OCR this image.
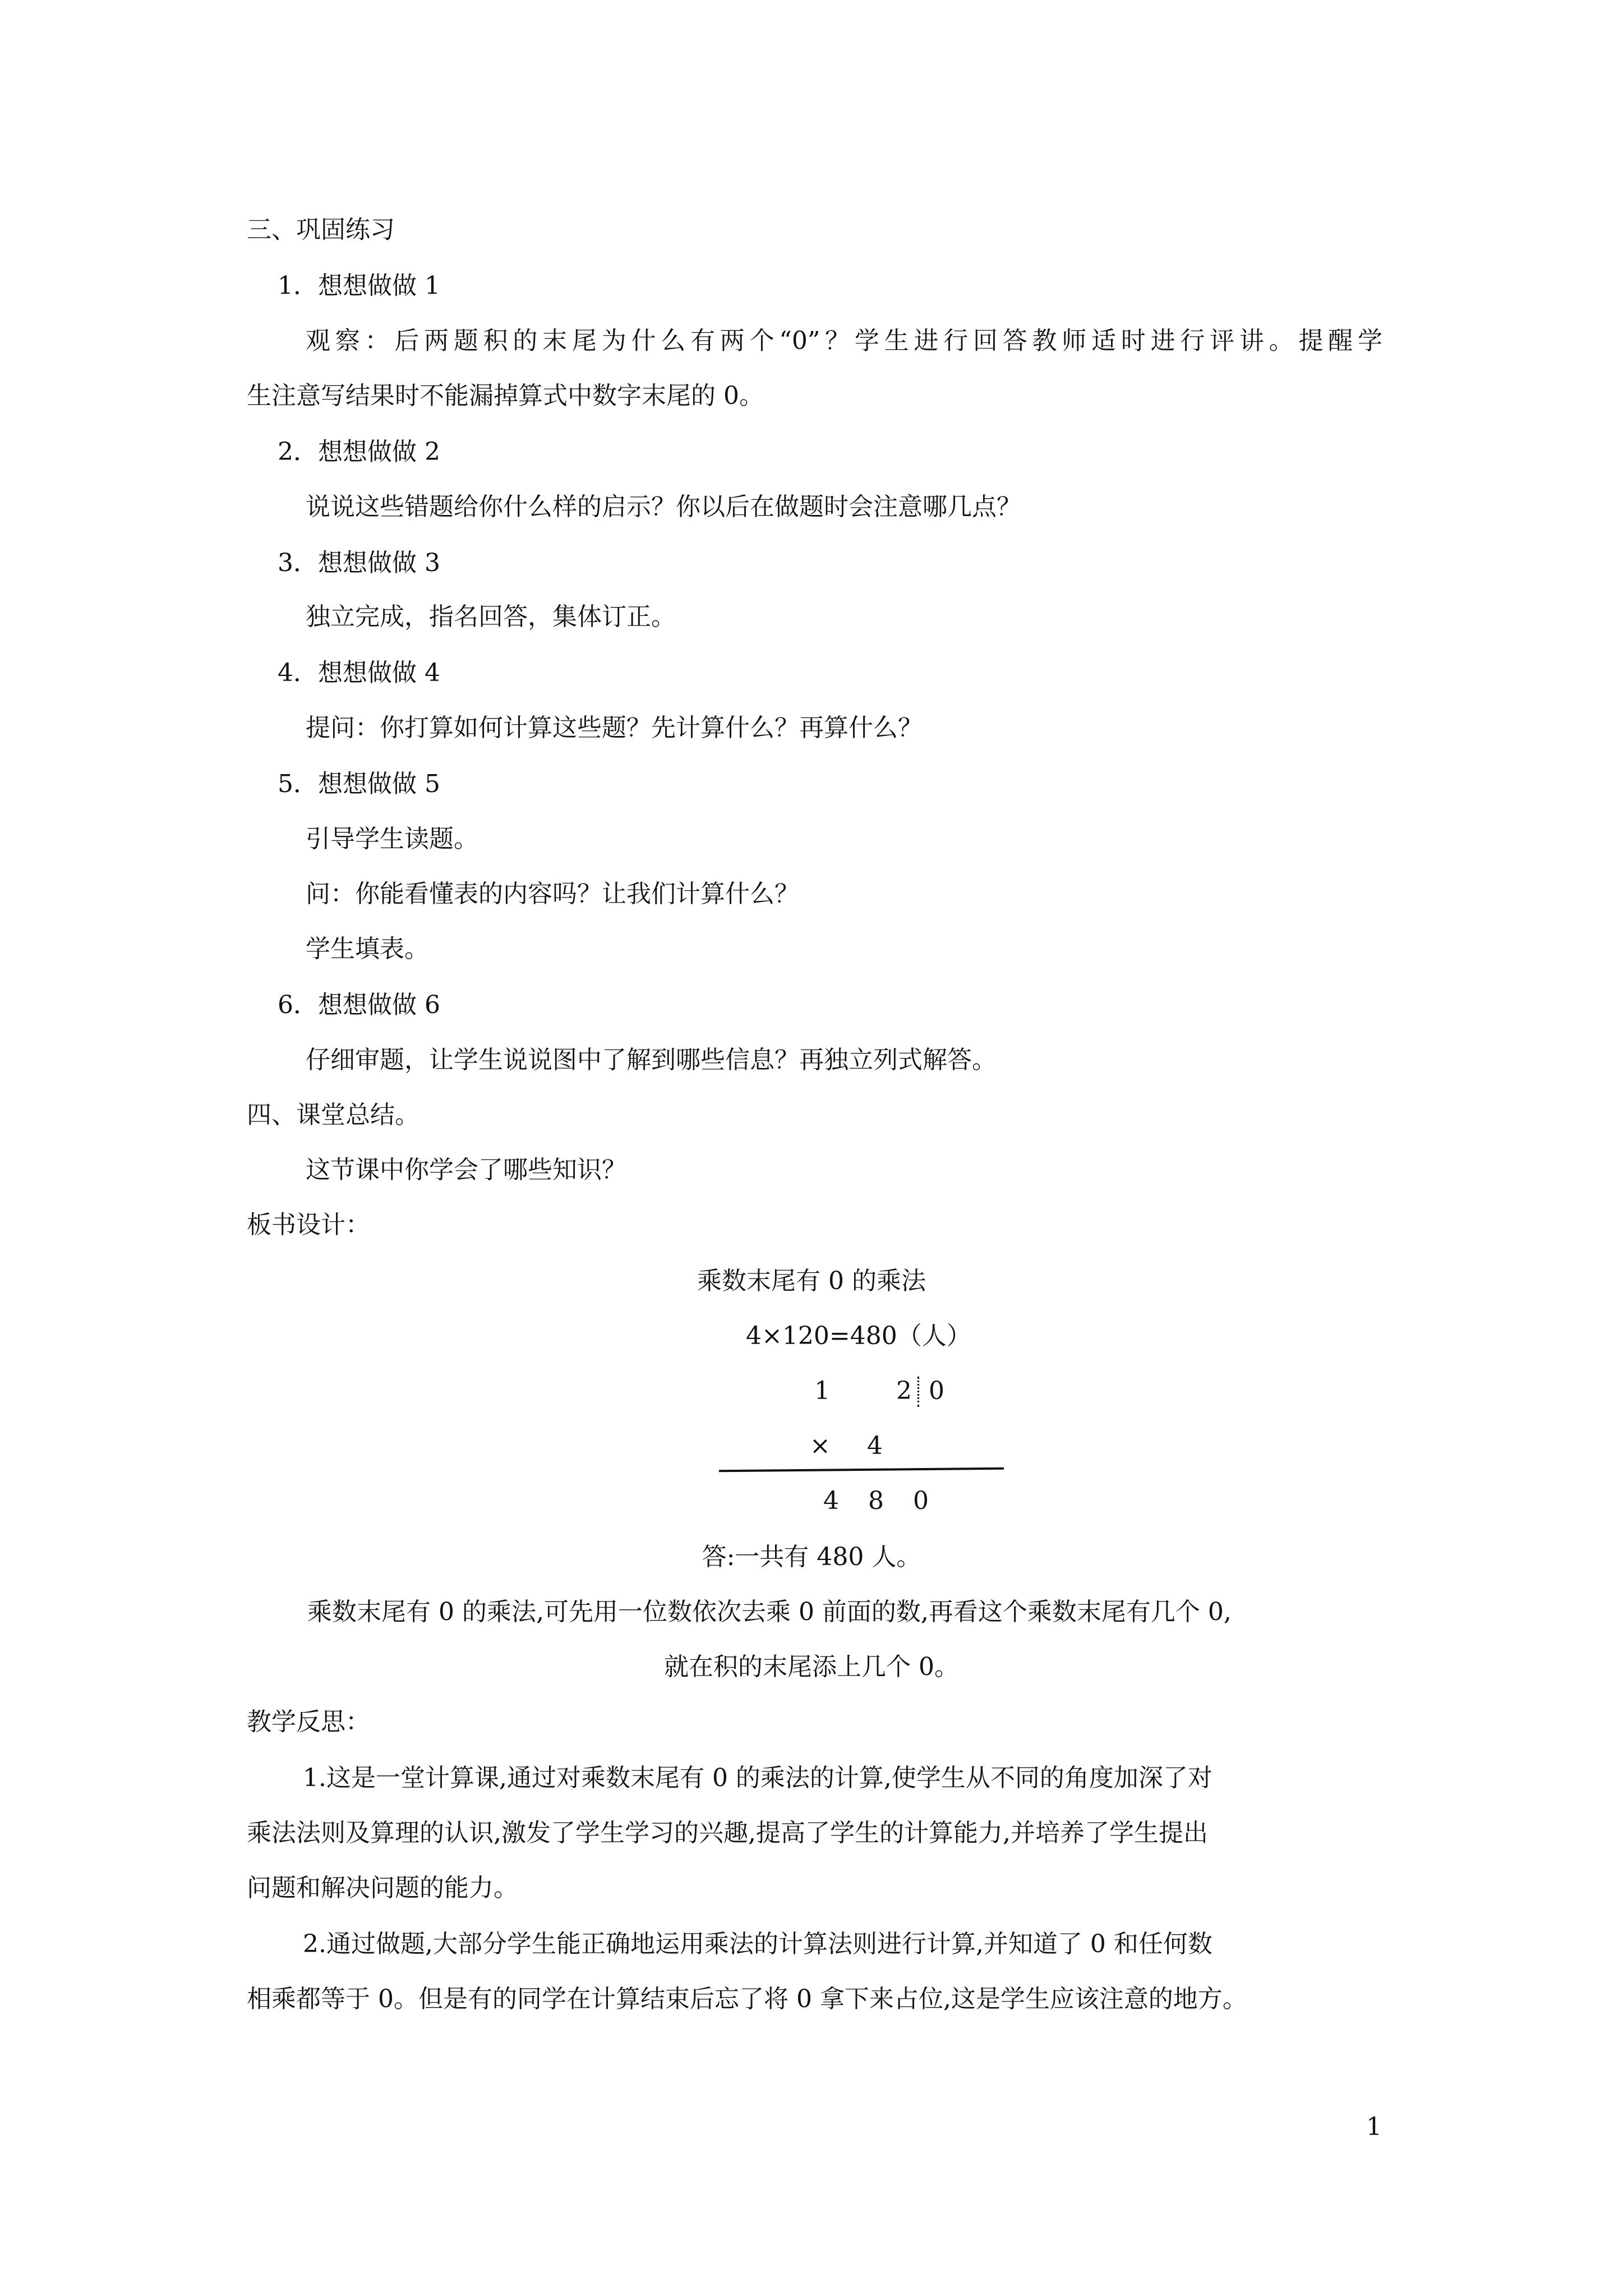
三、巩固练习
1．想想做做 1
观察：后两题积的末尾为什么有两个“0”？学生进行回答教师适时进行评讲。提醒学
生注意写结果时不能漏掉算式中数字末尾的 0。
2．想想做做 2
说说这些错题给你什么样的启示？你以后在做题时会注意哪几点？
3．想想做做 3
独立完成，指名回答，集体订正。
4．想想做做 4
提问：你打算如何计算这些题？先计算什么？再算什么？
5．想想做做 5
引导学生读题。
问：你能看懂表的内容吗？让我们计算什么？
学生填表。
6．想想做做 6
仔细审题，让学生说说图中了解到哪些信息？再独立列式解答。
四、课堂总结。
这节课中你学会了哪些知识？
板书设计：
乘数末尾有 0 的乘法
4×120=480（人）
1	2 0
× 4
4 8 0
答:一共有 480 人。
乘数末尾有 0 的乘法,可先用一位数依次去乘 0 前面的数,再看这个乘数末尾有几个 0,
就在积的末尾添上几个 0。
教学反思：
1.这是一堂计算课,通过对乘数末尾有 0 的乘法的计算,使学生从不同的角度加深了对
乘法法则及算理的认识,激发了学生学习的兴趣,提高了学生的计算能力,并培养了学生提出
问题和解决问题的能力。
2.通过做题,大部分学生能正确地运用乘法的计算法则进行计算,并知道了 0 和任何数
相乘都等于 0。但是有的同学在计算结束后忘了将 0 拿下来占位,这是学生应该注意的地方。
1
